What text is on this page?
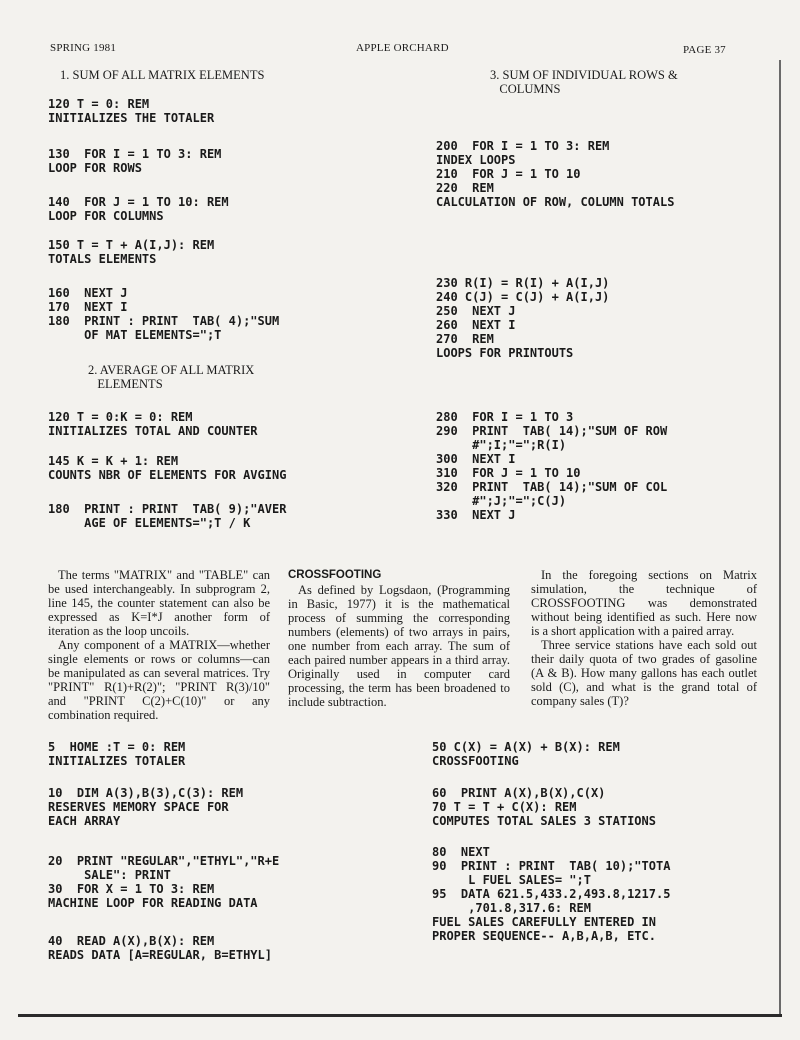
SPRING 1981	APPLE ORCHARD	PAGE 37
1. SUM OF ALL MATRIX ELEMENTS
120 T = 0: REM
INITIALIZES THE TOTALER
130  FOR I = 1 TO 3: REM
LOOP FOR ROWS
140  FOR J = 1 TO 10: REM
LOOP FOR COLUMNS
150 T = T + A(I,J): REM
TOTALS ELEMENTS
160  NEXT J
170  NEXT I
180  PRINT : PRINT  TAB( 4);"SUM
OF MAT ELEMENTS=";T
2. AVERAGE OF ALL MATRIX
ELEMENTS
120 T = 0:K = 0: REM
INITIALIZES TOTAL AND COUNTER
145 K = K + 1: REM
COUNTS NBR OF ELEMENTS FOR AVGING
180  PRINT : PRINT  TAB( 9);"AVER
AGE OF ELEMENTS=";T / K
3. SUM OF INDIVIDUAL ROWS &
COLUMNS
200  FOR I = 1 TO 3: REM
INDEX LOOPS
210  FOR J = 1 TO 10
220  REM
CALCULATION OF ROW, COLUMN TOTALS
230 R(I) = R(I) + A(I,J)
240 C(J) = C(J) + A(I,J)
250  NEXT J
260  NEXT I
270  REM
LOOPS FOR PRINTOUTS
280  FOR I = 1 TO 3
290  PRINT  TAB( 14);"SUM OF ROW
#";I;"=";R(I)
300  NEXT I
310  FOR J = 1 TO 10
320  PRINT  TAB( 14);"SUM OF COL
#";J;"=";C(J)
330  NEXT J

The terms "MATRIX" and "TABLE" can be used interchangeably. In subprogram 2, line 145, the counter statement can also be expressed as K=I*J another form of iteration as the loop uncoils.

Any component of a MATRIX—whether single elements or rows or columns—can be manipulated as can several matrices. Try "PRINT" R(1)+R(2)"; "PRINT R(3)/10" and "PRINT C(2)+C(10)" or any combination required.

CROSSFOOTING

As defined by Logsdaon, (Programming in Basic, 1977) it is the mathematical process of summing the corresponding numbers (elements) of two arrays in pairs, one number from each array. The sum of each paired number appears in a third array. Originally used in computer card processing, the term has been broadened to include subtraction.

In the foregoing sections on Matrix simulation, the technique of CROSSFOOTING was demonstrated without being identified as such. Here now is a short application with a paired array.

Three service stations have each sold out their daily quota of two grades of gasoline (A & B). How many gallons has each outlet sold (C), and what is the grand total of company sales (T)?

5  HOME :T = 0: REM
INITIALIZES TOTALER
10  DIM A(3),B(3),C(3): REM
RESERVES MEMORY SPACE FOR
EACH ARRAY
20  PRINT "REGULAR","ETHYL","R+E
SALE": PRINT
30  FOR X = 1 TO 3: REM
MACHINE LOOP FOR READING DATA
40  READ A(X),B(X): REM
READS DATA [A=REGULAR, B=ETHYL]
50 C(X) = A(X) + B(X): REM
CROSSFOOTING
60  PRINT A(X),B(X),C(X)
70 T = T + C(X): REM
COMPUTES TOTAL SALES 3 STATIONS
80  NEXT
90  PRINT : PRINT  TAB( 10);"TOTA
L FUEL SALES= ";T
95  DATA 621.5,433.2,493.8,1217.5
,701.8,317.6: REM
FUEL SALES CAREFULLY ENTERED IN
PROPER SEQUENCE-- A,B,A,B, ETC.
